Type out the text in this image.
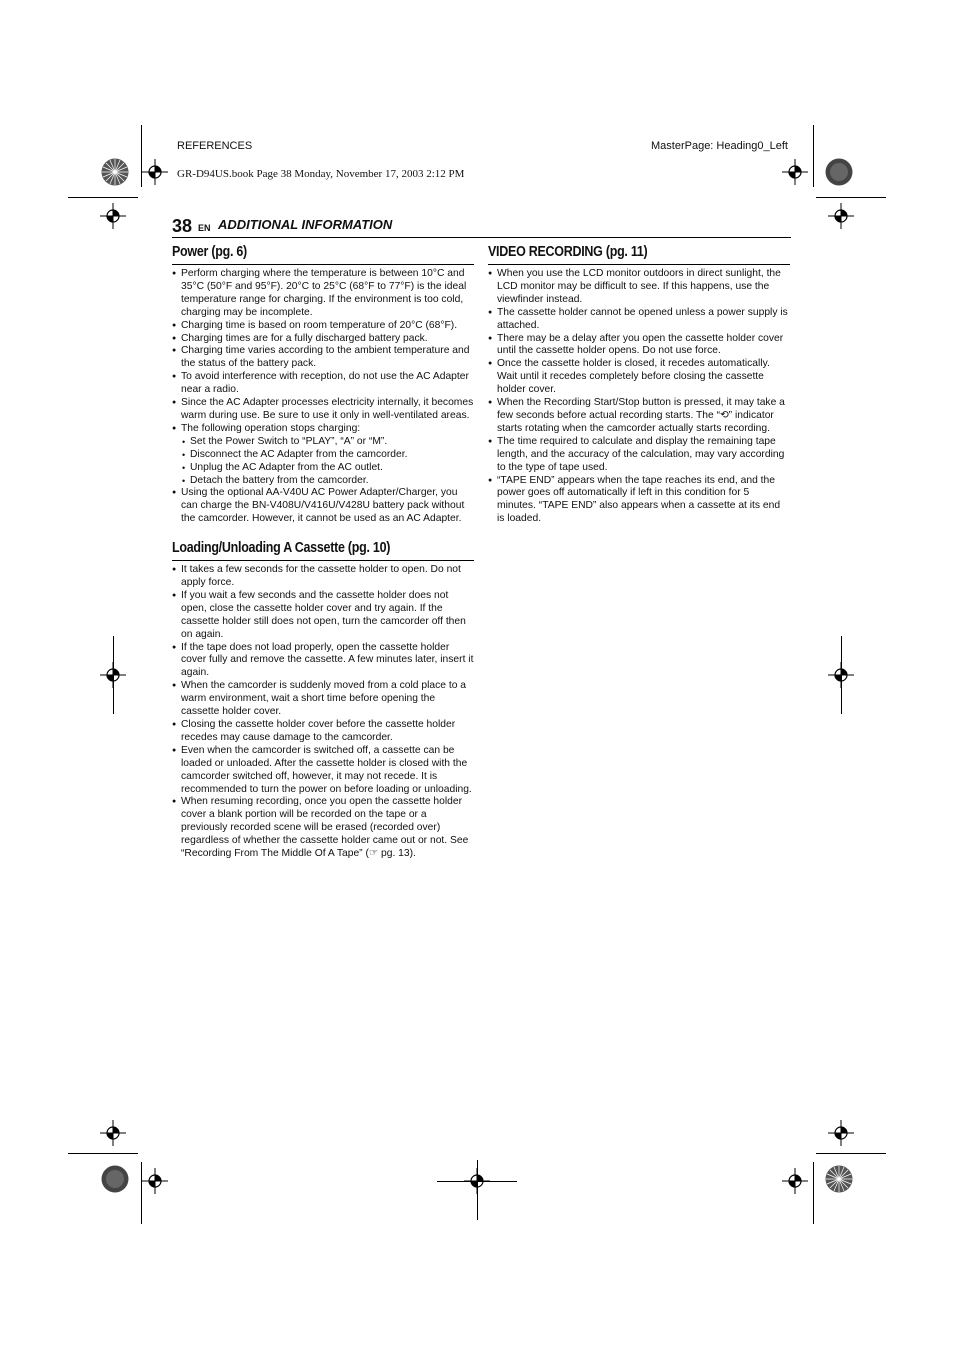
REFERENCES	MasterPage: Heading0_Left
GR-D94US.book Page 38 Monday, November 17, 2003 2:12 PM
38 EN ADDITIONAL INFORMATION
Power (pg. 6)
● Perform charging where the temperature is between 10°C and 35°C (50°F and 95°F). 20°C to 25°C (68°F to 77°F) is the ideal temperature range for charging. If the environment is too cold, charging may be incomplete.
● Charging time is based on room temperature of 20°C (68°F).
● Charging times are for a fully discharged battery pack.
● Charging time varies according to the ambient temperature and the status of the battery pack.
● To avoid interference with reception, do not use the AC Adapter near a radio.
● Since the AC Adapter processes electricity internally, it becomes warm during use. Be sure to use it only in well-ventilated areas.
● The following operation stops charging:
• Set the Power Switch to “PLAY”, “A” or “M”.
• Disconnect the AC Adapter from the camcorder.
• Unplug the AC Adapter from the AC outlet.
• Detach the battery from the camcorder.
● Using the optional AA-V40U AC Power Adapter/Charger, you can charge the BN-V408U/V416U/V428U battery pack without the camcorder. However, it cannot be used as an AC Adapter.
Loading/Unloading A Cassette (pg. 10)
● It takes a few seconds for the cassette holder to open. Do not apply force.
● If you wait a few seconds and the cassette holder does not open, close the cassette holder cover and try again. If the cassette holder still does not open, turn the camcorder off then on again.
● If the tape does not load properly, open the cassette holder cover fully and remove the cassette. A few minutes later, insert it again.
● When the camcorder is suddenly moved from a cold place to a warm environment, wait a short time before opening the cassette holder cover.
● Closing the cassette holder cover before the cassette holder recedes may cause damage to the camcorder.
● Even when the camcorder is switched off, a cassette can be loaded or unloaded. After the cassette holder is closed with the camcorder switched off, however, it may not recede. It is recommended to turn the power on before loading or unloading.
● When resuming recording, once you open the cassette holder cover a blank portion will be recorded on the tape or a previously recorded scene will be erased (recorded over) regardless of whether the cassette holder came out or not. See “Recording From The Middle Of A Tape” (☞ pg. 13).
VIDEO RECORDING (pg. 11)
● When you use the LCD monitor outdoors in direct sunlight, the LCD monitor may be difficult to see. If this happens, use the viewfinder instead.
● The cassette holder cannot be opened unless a power supply is attached.
● There may be a delay after you open the cassette holder cover until the cassette holder opens. Do not use force.
● Once the cassette holder is closed, it recedes automatically. Wait until it recedes completely before closing the cassette holder cover.
● When the Recording Start/Stop button is pressed, it may take a few seconds before actual recording starts. The “⟲” indicator starts rotating when the camcorder actually starts recording.
● The time required to calculate and display the remaining tape length, and the accuracy of the calculation, may vary according to the type of tape used.
● “TAPE END” appears when the tape reaches its end, and the power goes off automatically if left in this condition for 5 minutes. “TAPE END” also appears when a cassette at its end is loaded.
